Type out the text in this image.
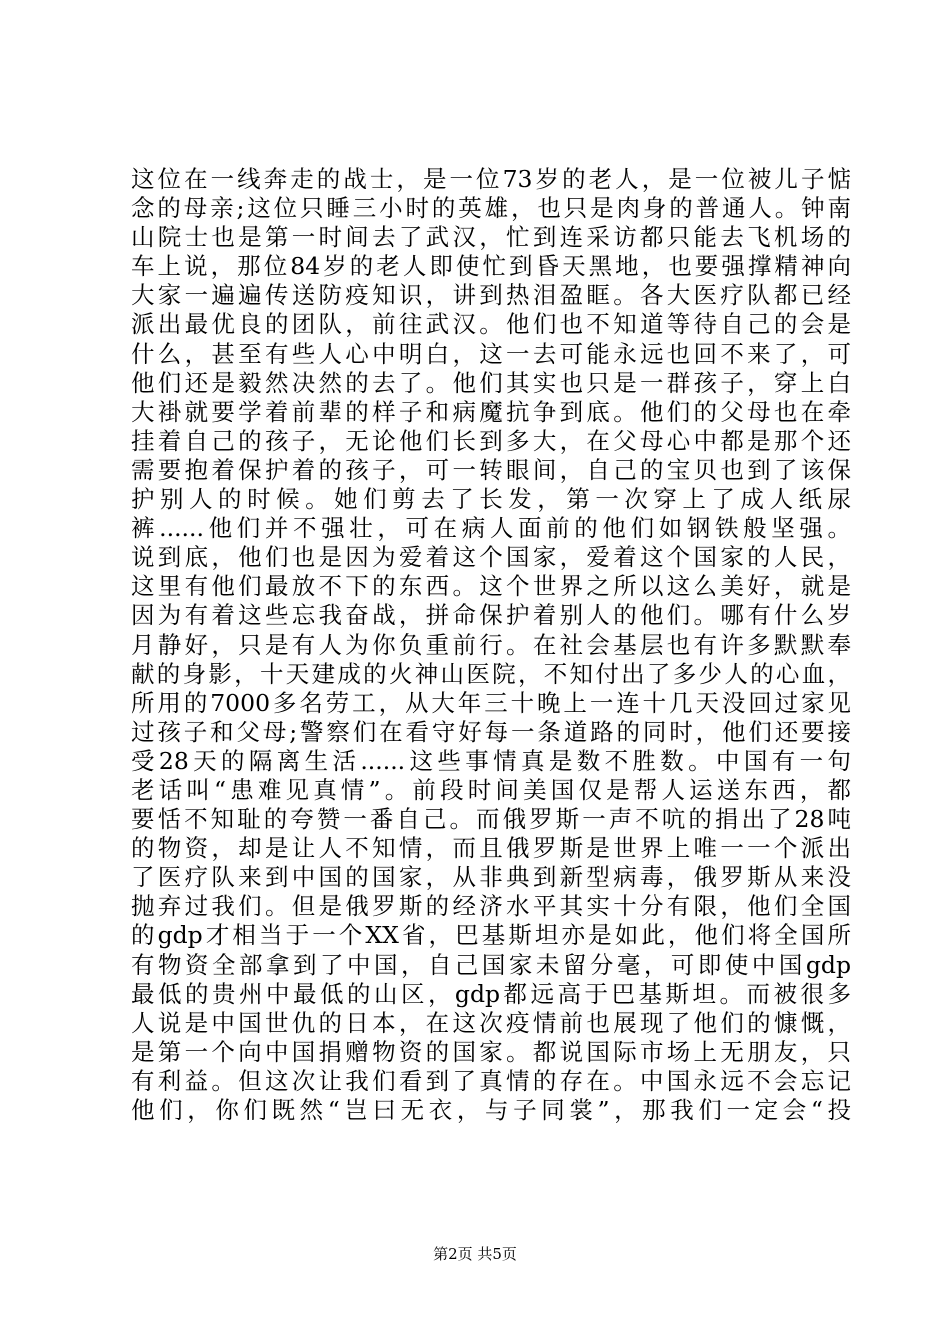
这位在一线奔走的战士，是一位73岁的老人，是一位被儿子惦
念的母亲;这位只睡三小时的英雄，也只是肉身的普通人。钟南
山院士也是第一时间去了武汉，忙到连采访都只能去飞机场的
车上说，那位84岁的老人即使忙到昏天黑地，也要强撑精神向
大家一遍遍传送防疫知识，讲到热泪盈眶。各大医疗队都已经
派出最优良的团队，前往武汉。他们也不知道等待自己的会是
什么，甚至有些人心中明白，这一去可能永远也回不来了，可
他们还是毅然决然的去了。他们其实也只是一群孩子，穿上白
大褂就要学着前辈的样子和病魔抗争到底。他们的父母也在牵
挂着自己的孩子，无论他们长到多大，在父母心中都是那个还
需要抱着保护着的孩子，可一转眼间，自己的宝贝也到了该保
护别人的时候。她们剪去了长发，第一次穿上了成人纸尿
裤......他们并不强壮，可在病人面前的他们如钢铁般坚强。
说到底，他们也是因为爱着这个国家，爱着这个国家的人民，
这里有他们最放不下的东西。这个世界之所以这么美好，就是
因为有着这些忘我奋战，拼命保护着别人的他们。哪有什么岁
月静好，只是有人为你负重前行。在社会基层也有许多默默奉
献的身影，十天建成的火神山医院，不知付出了多少人的心血，
所用的7000多名劳工，从大年三十晚上一连十几天没回过家见
过孩子和父母;警察们在看守好每一条道路的同时，他们还要接
受28天的隔离生活......这些事情真是数不胜数。中国有一句
老话叫“患难见真情”。前段时间美国仅是帮人运送东西，都
要恬不知耻的夸赞一番自己。而俄罗斯一声不吭的捐出了28吨
的物资，却是让人不知情，而且俄罗斯是世界上唯一一个派出
了医疗队来到中国的国家，从非典到新型病毒，俄罗斯从来没
抛弃过我们。但是俄罗斯的经济水平其实十分有限，他们全国
的gdp才相当于一个XX省，巴基斯坦亦是如此，他们将全国所
有物资全部拿到了中国，自己国家未留分毫，可即使中国gdp
最低的贵州中最低的山区，gdp都远高于巴基斯坦。而被很多
人说是中国世仇的日本，在这次疫情前也展现了他们的慷慨，
是第一个向中国捐赠物资的国家。都说国际市场上无朋友，只
有利益。但这次让我们看到了真情的存在。中国永远不会忘记
他们，你们既然“岂曰无衣，与子同裳”，那我们一定会“投
第2页 共5页
